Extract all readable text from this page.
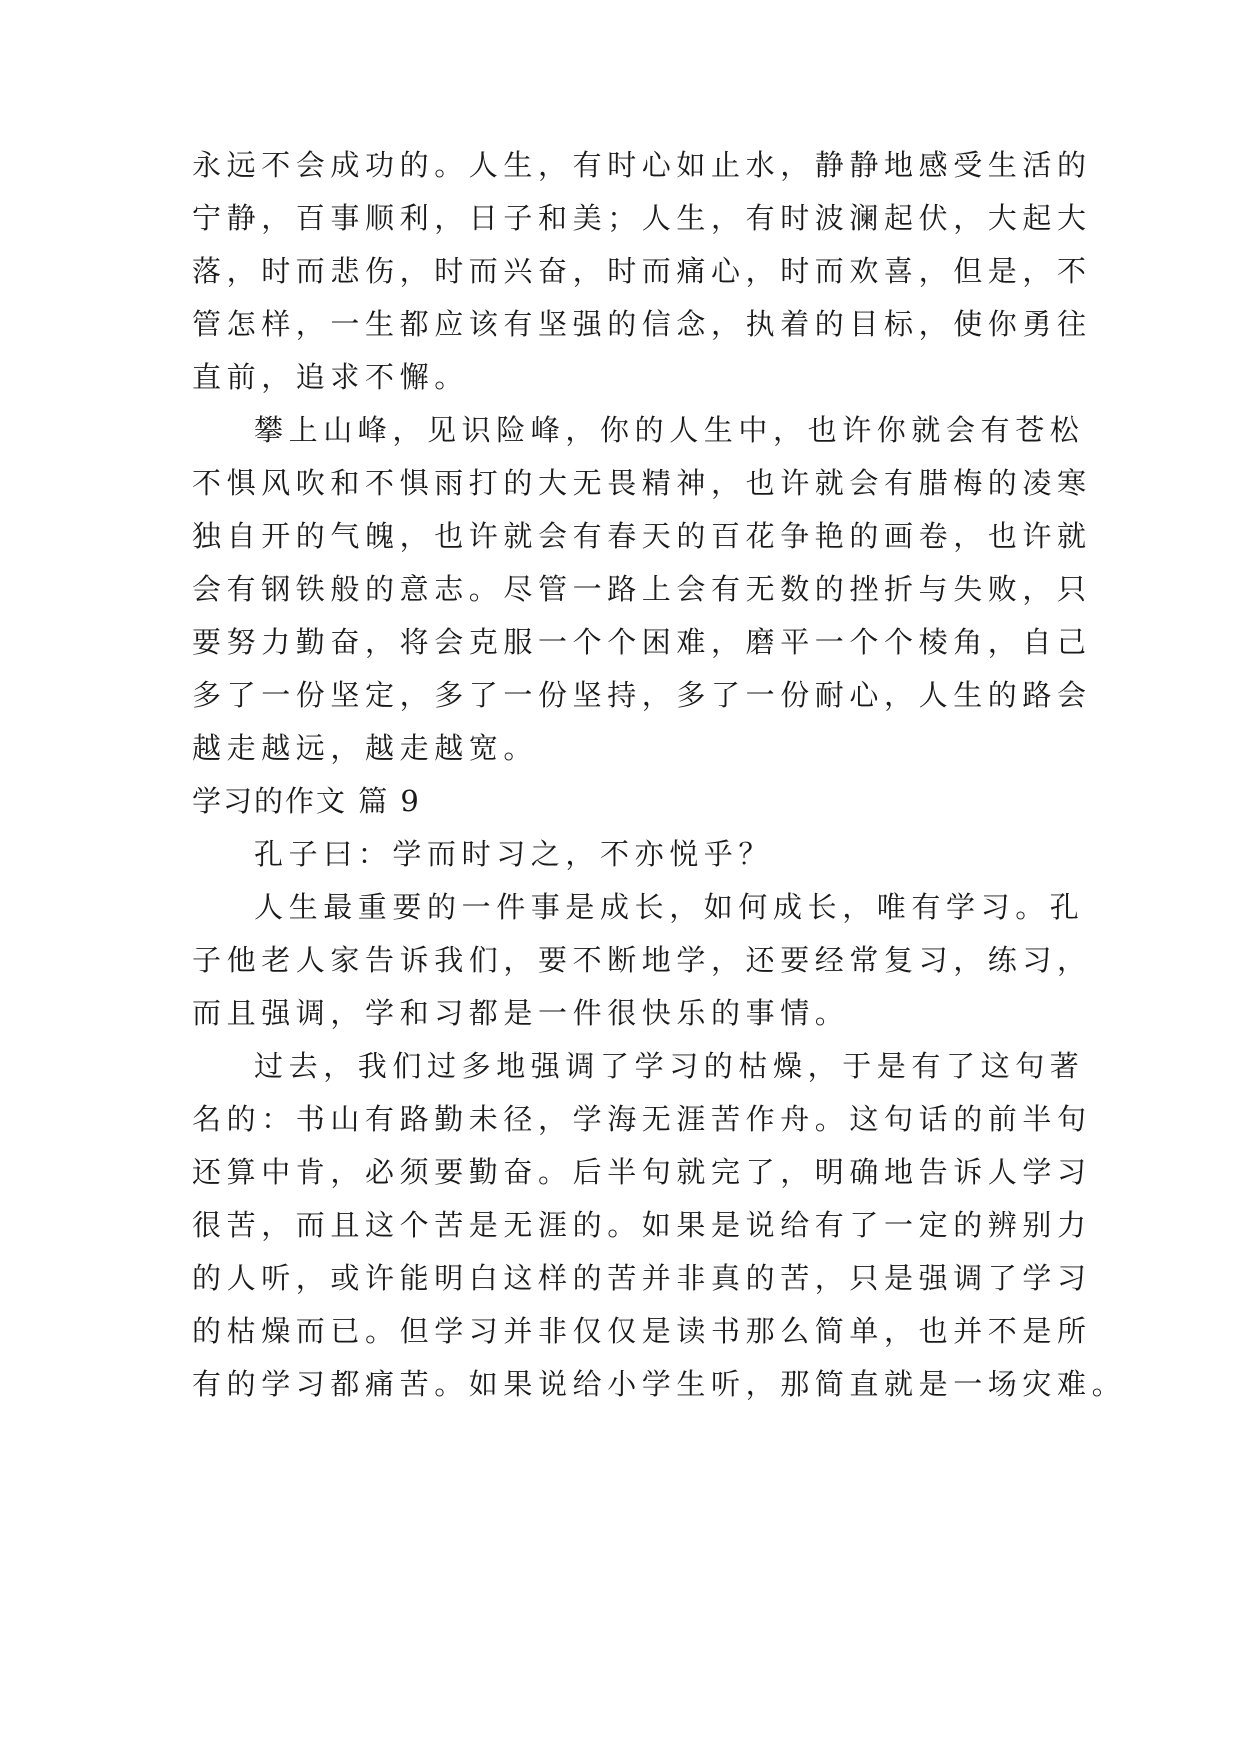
永远不会成功的。人生，有时心如止水，静静地感受生活的
宁静，百事顺利，日子和美；人生，有时波澜起伏，大起大
落，时而悲伤，时而兴奋，时而痛心，时而欢喜，但是，不
管怎样，一生都应该有坚强的信念，执着的目标，使你勇往
直前，追求不懈。
攀上山峰，见识险峰，你的人生中，也许你就会有苍松
不惧风吹和不惧雨打的大无畏精神，也许就会有腊梅的凌寒
独自开的气魄，也许就会有春天的百花争艳的画卷，也许就
会有钢铁般的意志。尽管一路上会有无数的挫折与失败，只
要努力勤奋，将会克服一个个困难，磨平一个个棱角，自己
多了一份坚定，多了一份坚持，多了一份耐心，人生的路会
越走越远，越走越宽。
学习的作文 篇 9
孔子曰：学而时习之，不亦悦乎？
人生最重要的一件事是成长，如何成长，唯有学习。孔
子他老人家告诉我们，要不断地学，还要经常复习，练习，
而且强调，学和习都是一件很快乐的事情。
过去，我们过多地强调了学习的枯燥，于是有了这句著
名的：书山有路勤未径，学海无涯苦作舟。这句话的前半句
还算中肯，必须要勤奋。后半句就完了，明确地告诉人学习
很苦，而且这个苦是无涯的。如果是说给有了一定的辨别力
的人听，或许能明白这样的苦并非真的苦，只是强调了学习
的枯燥而已。但学习并非仅仅是读书那么简单，也并不是所
有的学习都痛苦。如果说给小学生听，那简直就是一场灾难。
